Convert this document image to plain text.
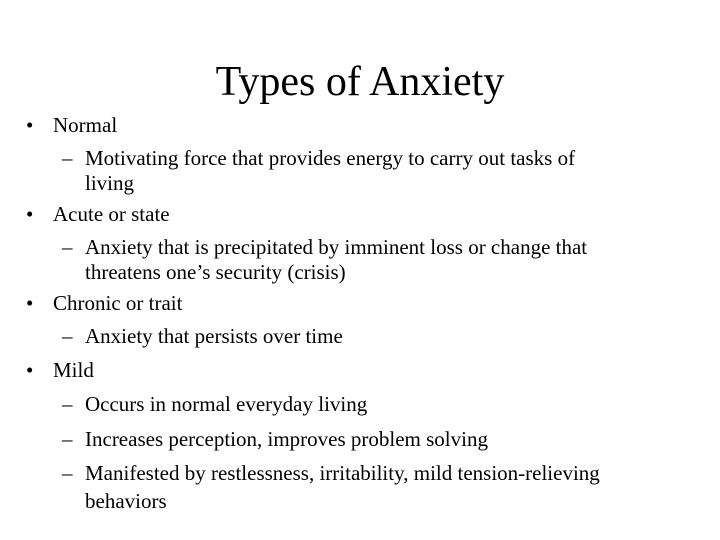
Types of Anxiety
• Normal
– Motivating force that provides energy to carry out tasks of
living
• Acute or state
– Anxiety that is precipitated by imminent loss or change that
threatens one’s security (crisis)
• Chronic or trait
– Anxiety that persists over time
• Mild
– Occurs in normal everyday living
– Increases perception, improves problem solving
– Manifested by restlessness, irritability, mild tension-relieving
behaviors
